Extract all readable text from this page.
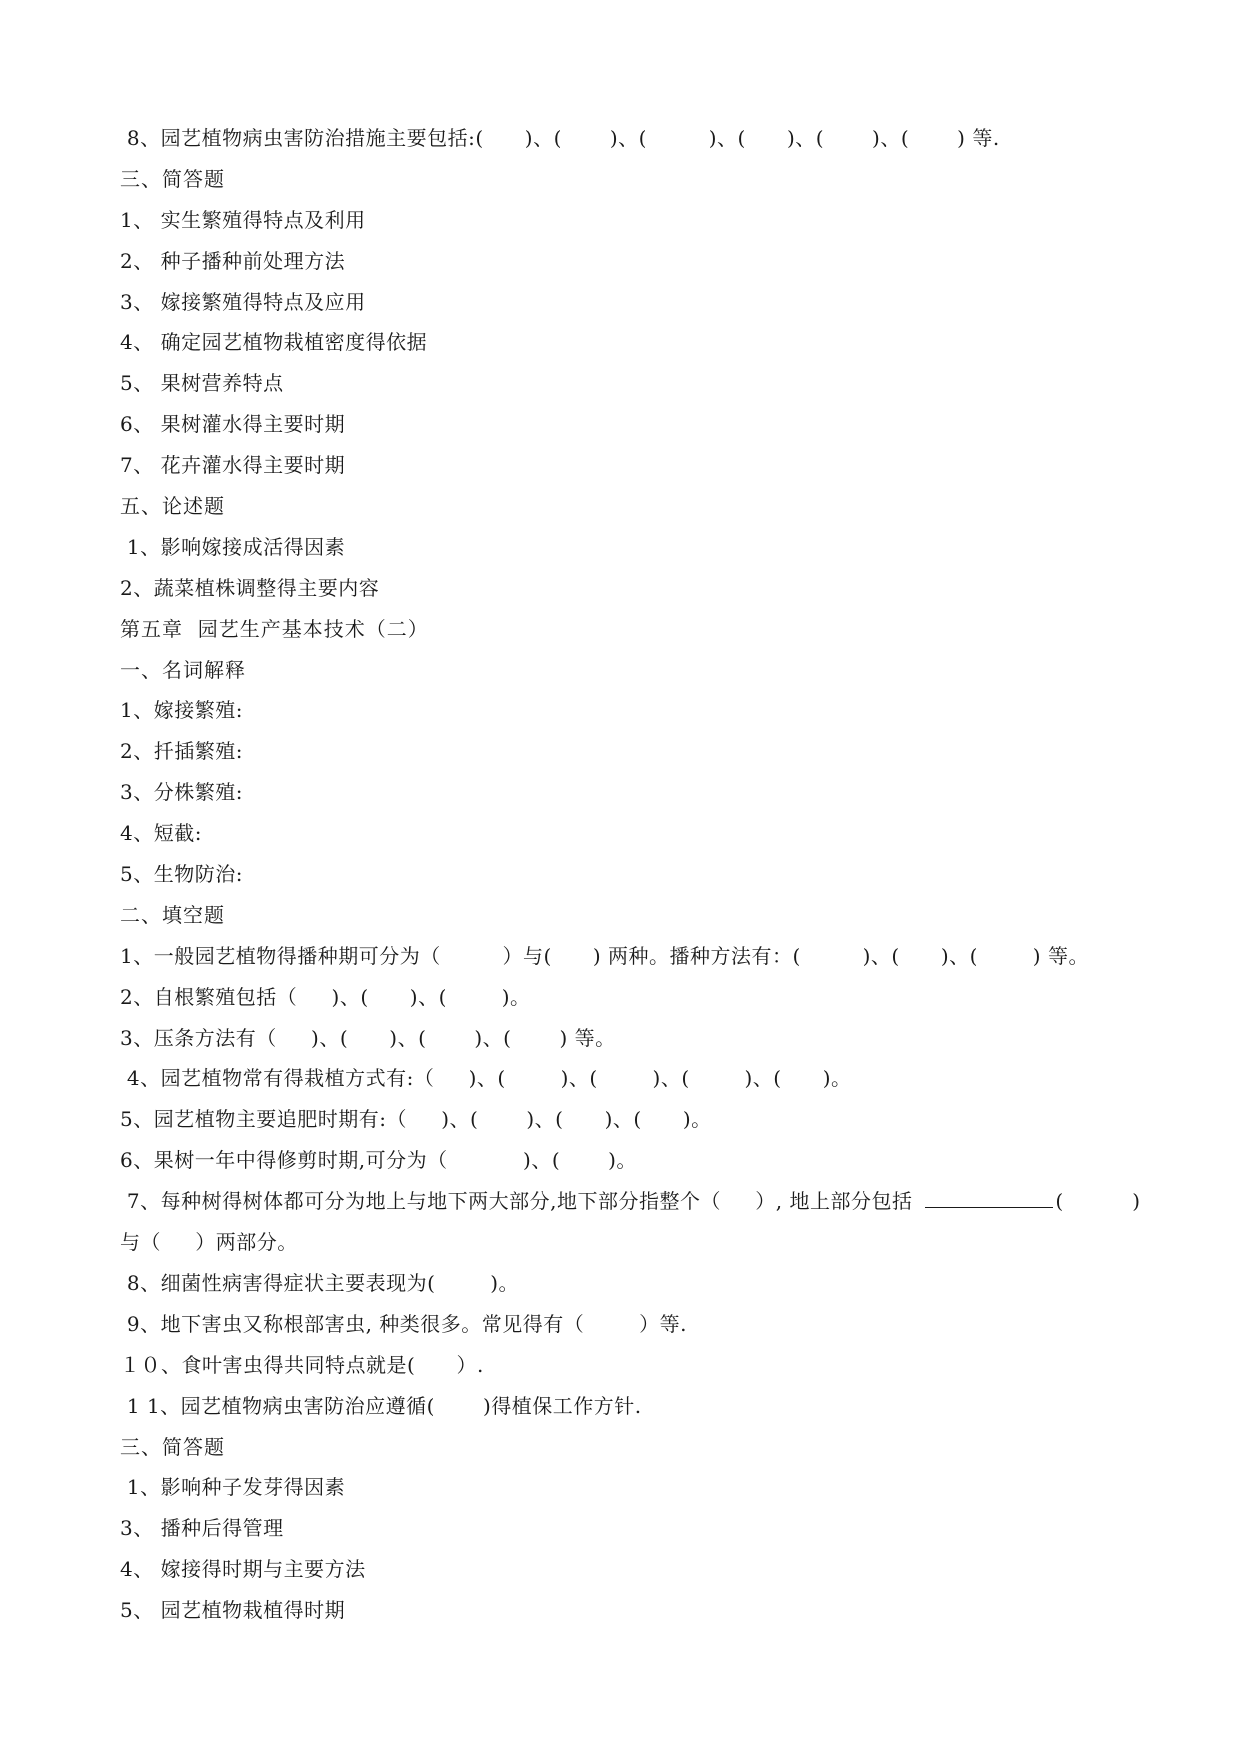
8、园艺植物病虫害防治措施主要包括:(      )、(       )、(         )、(      )、(       )、(       ) 等.
三、简答题
1、 实生繁殖得特点及利用
2、 种子播种前处理方法
3、 嫁接繁殖得特点及应用
4、 确定园艺植物栽植密度得依据
5、 果树营养特点
6、 果树灌水得主要时期
7、 花卉灌水得主要时期
五、论述题
1、影响嫁接成活得因素
2、蔬菜植株调整得主要内容
第五章  园艺生产基本技术（二）
一、名词解释
1、嫁接繁殖:
2、扦插繁殖:
3、分株繁殖:
4、短截:
5、生物防治:
二、填空题
1、一般园艺植物得播种期可分为（         ）与(      ) 两种。播种方法有：(         )、(      )、(        ) 等。
2、自根繁殖包括（     )、(      )、(        )。
3、压条方法有（     )、(      )、(       )、(       ) 等。
4、园艺植物常有得栽植方式有:（     )、(        )、(        )、(        )、(      )。
5、园艺植物主要追肥时期有:（     )、(       )、(      )、(      )。
6、果树一年中得修剪时期,可分为（           )、(       )。
7、每种树得树体都可分为地上与地下两大部分,地下部分指整个（     ）, 地上部分包括	(          )
与（     ）两部分。
8、细菌性病害得症状主要表现为(        )。
9、地下害虫又称根部害虫, 种类很多。常见得有（        ）等.
１０、食叶害虫得共同特点就是(      ）.
1 1、园艺植物病虫害防治应遵循(       )得植保工作方针.
三、简答题
1、影响种子发芽得因素
3、 播种后得管理
4、 嫁接得时期与主要方法
5、 园艺植物栽植得时期
